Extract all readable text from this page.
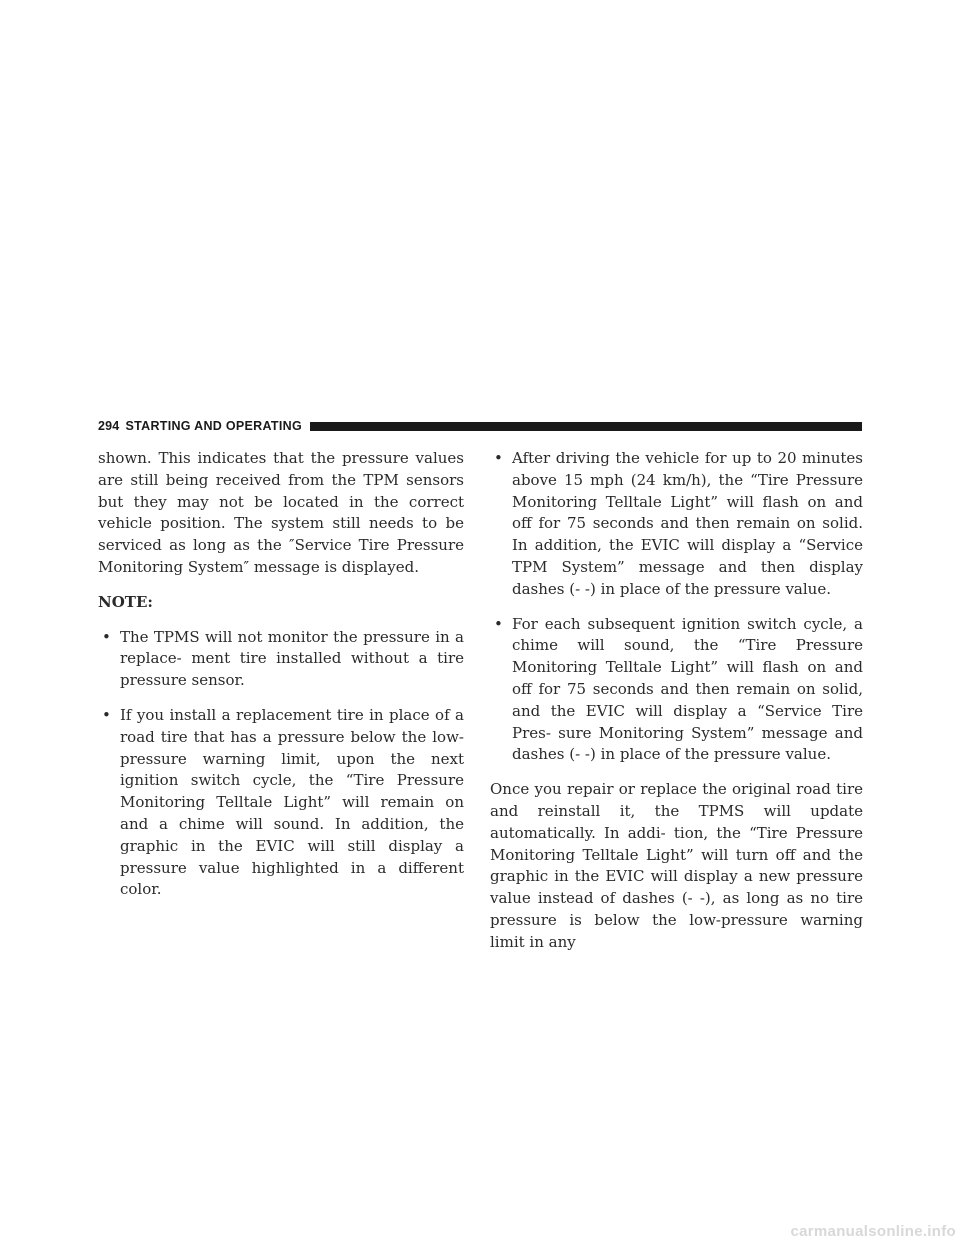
294 STARTING AND OPERATING

shown. This indicates that the pressure values are still being received from the TPM sensors but they may not be located in the correct vehicle position. The system still needs to be serviced as long as the ″Service Tire Pressure Monitoring System″ message is displayed.

NOTE:
• The TPMS will not monitor the pressure in a replace- ment tire installed without a tire pressure sensor.
• If you install a replacement tire in place of a road tire that has a pressure below the low-pressure warning limit, upon the next ignition switch cycle, the “Tire Pressure Monitoring Telltale Light” will remain on and a chime will sound. In addition, the graphic in the EVIC will still display a pressure value highlighted in a different color.
• After driving the vehicle for up to 20 minutes above 15 mph (24 km/h), the “Tire Pressure Monitoring Telltale Light” will flash on and off for 75 seconds and then remain on solid. In addition, the EVIC will display a “Service TPM System” message and then display dashes (- -) in place of the pressure value.
• For each subsequent ignition switch cycle, a chime will sound, the “Tire Pressure Monitoring Telltale Light” will flash on and off for 75 seconds and then remain on solid, and the EVIC will display a “Service Tire Pres- sure Monitoring System” message and dashes (- -) in place of the pressure value.

Once you repair or replace the original road tire and reinstall it, the TPMS will update automatically. In addi- tion, the “Tire Pressure Monitoring Telltale Light” will turn off and the graphic in the EVIC will display a new pressure value instead of dashes (- -), as long as no tire pressure is below the low-pressure warning limit in any

carmanualsonline.info
